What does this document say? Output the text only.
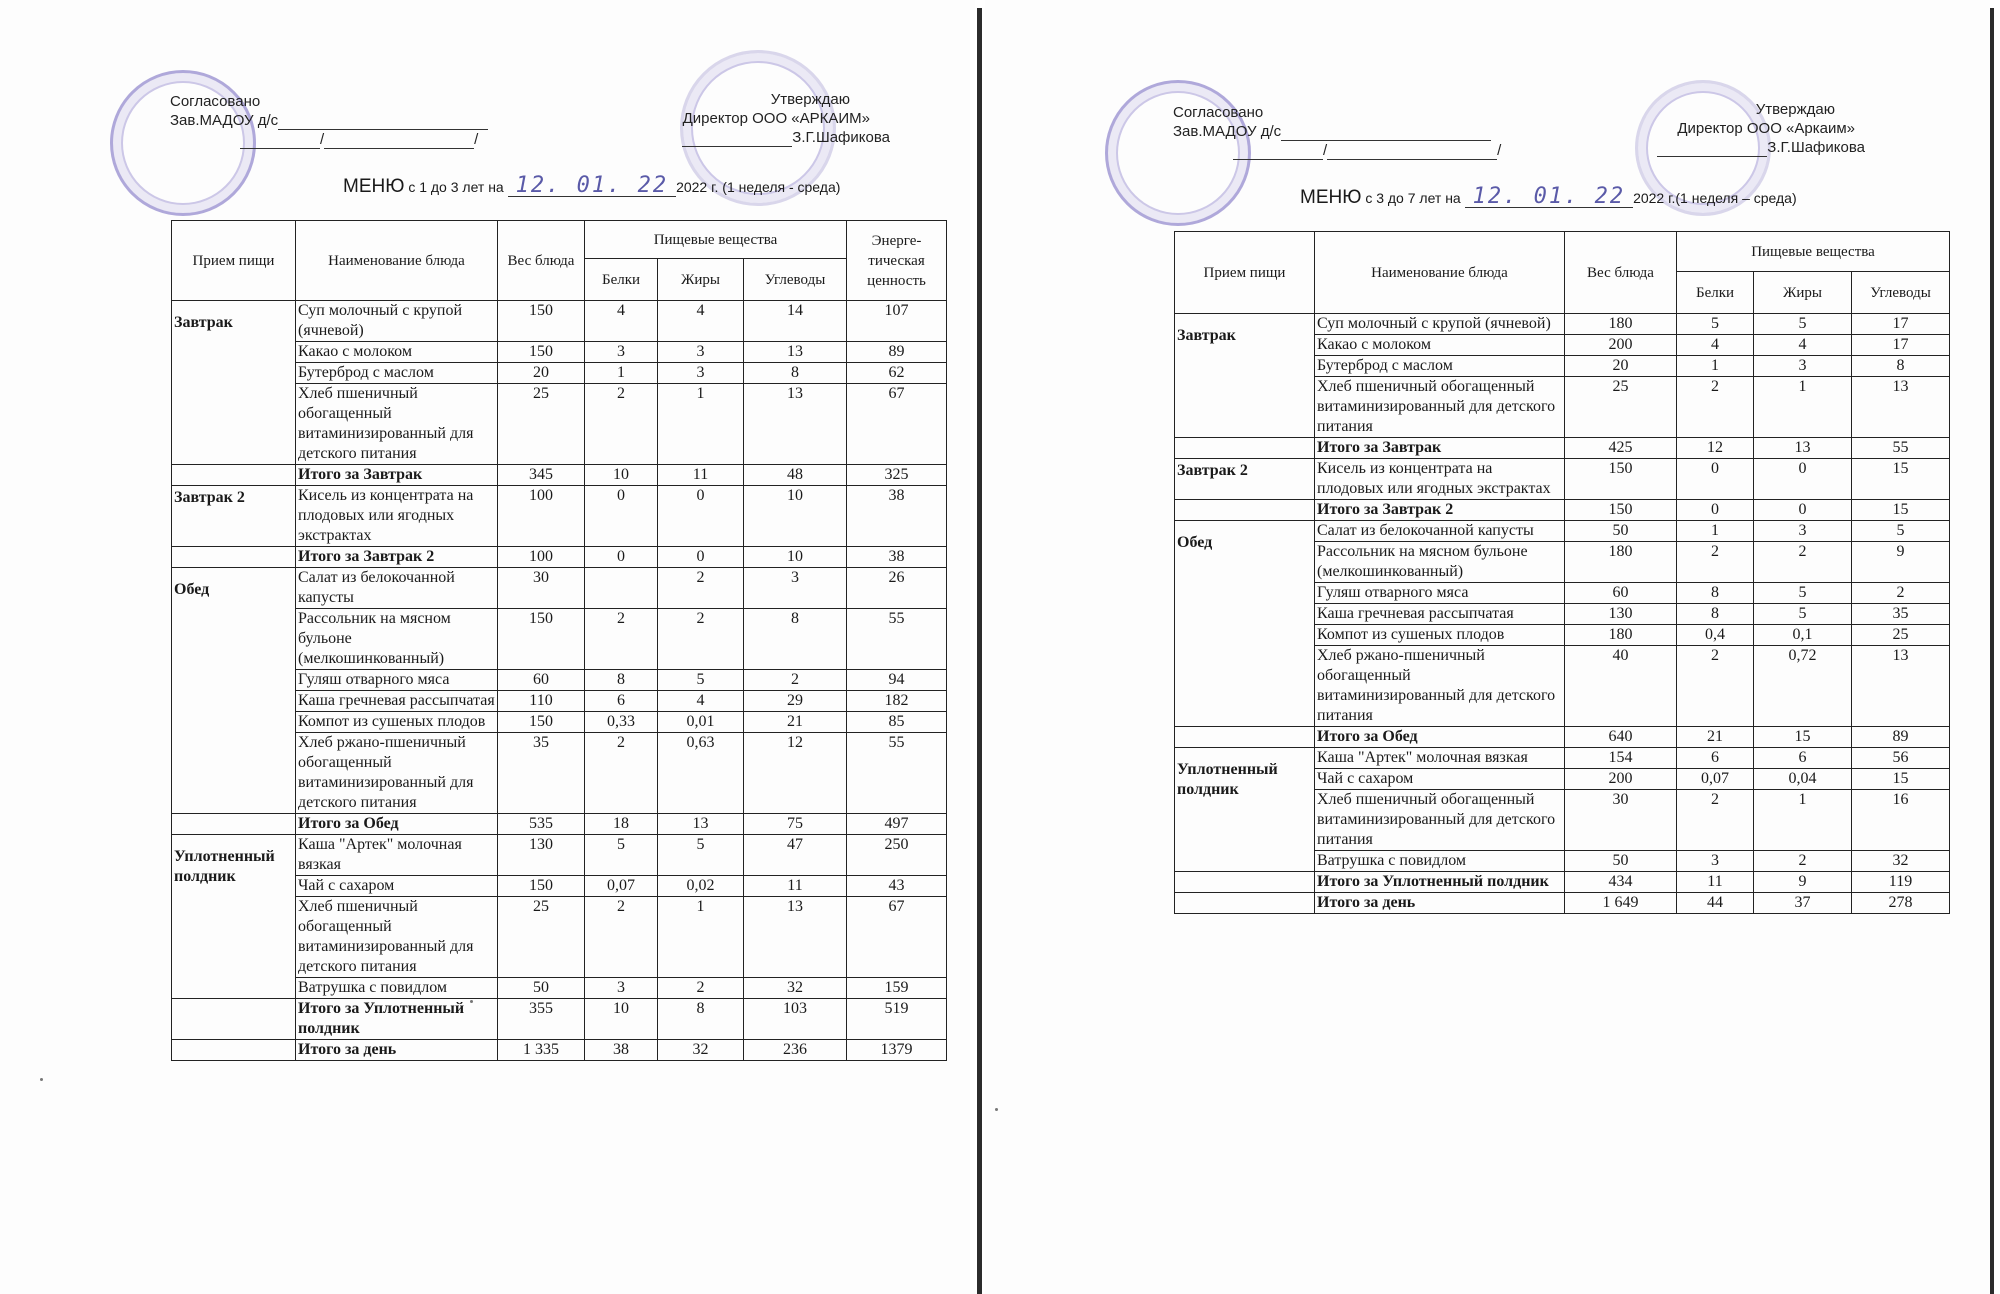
Согласовано
Зав.МАДОУ д/с
/	/
Утверждаю
Директор ООО «АРКАИМ»
З.Г.Шафикова
МЕНЮ с 1 до 3 лет на 12. 01. 22 2022 г. (1 неделя - среда)
Прием пищи	Наименование блюда	Вес блюда	Пищевые вещества			Энерге-тическая ценность
			Белки	Жиры	Углеводы	
Завтрак	Суп молочный с крупой (ячневой)	150	4	4	14	107
	Какао с молоком	150	3	3	13	89
	Бутерброд с маслом	20	1	3	8	62
	Хлеб пшеничный обогащенный витаминизированный для детского питания	25	2	1	13	67
	Итого за Завтрак	345	10	11	48	325
Завтрак 2	Кисель из концентрата на плодовых или ягодных экстрактах	100	0	0	10	38
	Итого за Завтрак 2	100	0	0	10	38
Обед	Салат из белокочанной капусты	30		2	3	26
	Рассольник на мясном бульоне (мелкошинкованный)	150	2	2	8	55
	Гуляш отварного мяса	60	8	5	2	94
	Каша гречневая рассыпчатая	110	6	4	29	182
	Компот из сушеных плодов	150	0,33	0,01	21	85
	Хлеб ржано-пшеничный обогащенный витаминизированный для детского питания	35	2	0,63	12	55
	Итого за Обед	535	18	13	75	497
Уплотненный полдник	Каша "Артек" молочная вязкая	130	5	5	47	250
	Чай с сахаром	150	0,07	0,02	11	43
	Хлеб пшеничный обогащенный витаминизированный для детского питания	25	2	1	13	67
	Ватрушка с повидлом	50	3	2	32	159
	Итого за Уплотненный полдник	355	10	8	103	519
	Итого за день	1 335	38	32	236	1379
Согласовано
Зав.МАДОУ д/с
/	/
Утверждаю
Директор ООО «Аркаим»
З.Г.Шафикова
МЕНЮ с 3 до 7 лет на 12. 01. 22 2022 г.(1 неделя – среда)
Прием пищи	Наименование блюда	Вес блюда	Пищевые вещества		
			Белки	Жиры	Углеводы
Завтрак	Суп молочный с крупой (ячневой)	180	5	5	17
	Какао с молоком	200	4	4	17
	Бутерброд с маслом	20	1	3	8
	Хлеб пшеничный обогащенный витаминизированный для детского питания	25	2	1	13
	Итого за Завтрак	425	12	13	55
Завтрак 2	Кисель из концентрата на плодовых или ягодных экстрактах	150	0	0	15
	Итого за Завтрак 2	150	0	0	15
Обед	Салат из белокочанной капусты	50	1	3	5
	Рассольник на мясном бульоне (мелкошинкованный)	180	2	2	9
	Гуляш отварного мяса	60	8	5	2
	Каша гречневая рассыпчатая	130	8	5	35
	Компот из сушеных плодов	180	0,4	0,1	25
	Хлеб ржано-пшеничный обогащенный витаминизированный для детского питания	40	2	0,72	13
	Итого за Обед	640	21	15	89
Уплотненный полдник	Каша "Артек" молочная вязкая	154	6	6	56
	Чай с сахаром	200	0,07	0,04	15
	Хлеб пшеничный обогащенный витаминизированный для детского питания	30	2	1	16
	Ватрушка с повидлом	50	3	2	32
	Итого за Уплотненный полдник	434	11	9	119
	Итого за день	1 649	44	37	278
